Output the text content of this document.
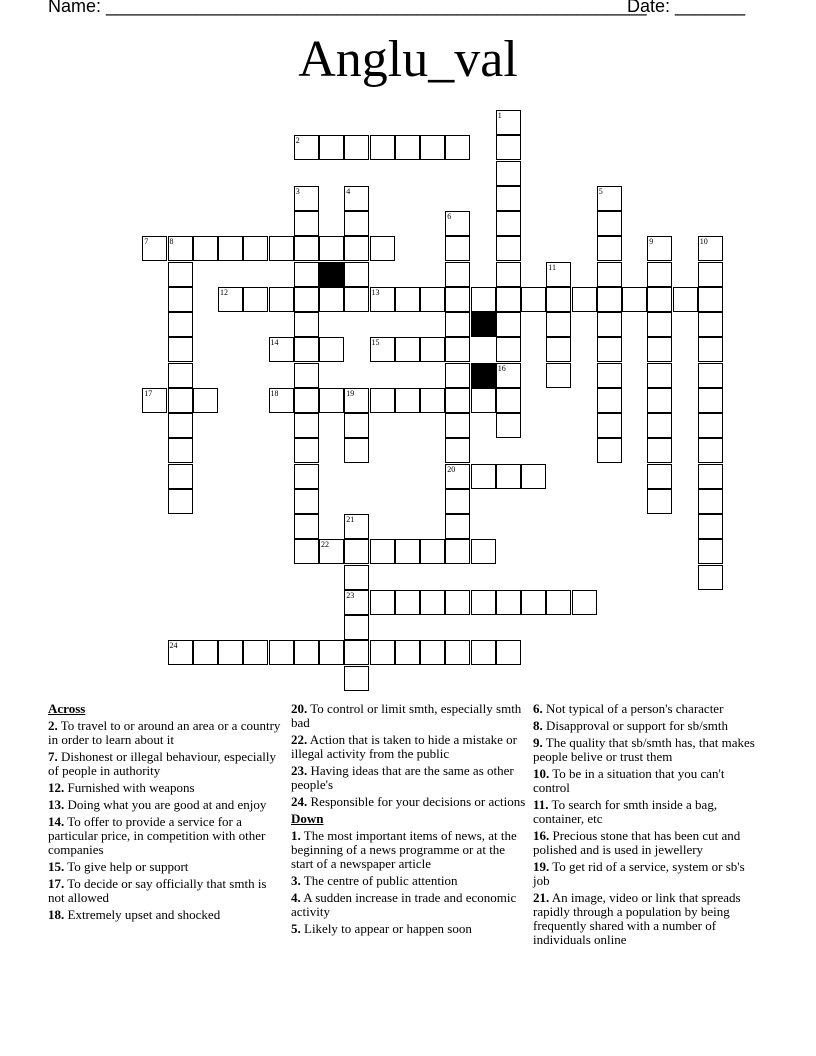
Name: ______________________________________________________
Date: _______
Anglu_val
2
7	8
12	13
14	15
17	18	19
20
22
23
24
1
16
3	4	5
6
9	10
11
21
Across
2. To travel to or around an area or a country in order to learn about it
7. Dishonest or illegal behaviour, especially of people in authority
12. Furnished with weapons
13. Doing what you are good at and enjoy
14. To offer to provide a service for a particular price, in competition with other companies
15. To give help or support
17. To decide or say officially that smth is not allowed
18. Extremely upset and shocked
20. To control or limit smth, especially smth bad
22. Action that is taken to hide a mistake or illegal activity from the public
23. Having ideas that are the same as other people's
24. Responsible for your decisions or actions
Down
1. The most important items of news, at the beginning of a news programme or at the start of a newspaper article
3. The centre of public attention
4. A sudden increase in trade and economic activity
5. Likely to appear or happen soon
6. Not typical of a person's character
8. Disapproval or support for sb/smth
9. The quality that sb/smth has, that makes people belive or trust them
10. To be in a situation that you can't control
11. To search for smth inside a bag, container, etc
16. Precious stone that has been cut and polished and is used in jewellery
19. To get rid of a service, system or sb's job
21. An image, video or link that spreads rapidly through a population by being frequently shared with a number of individuals online
